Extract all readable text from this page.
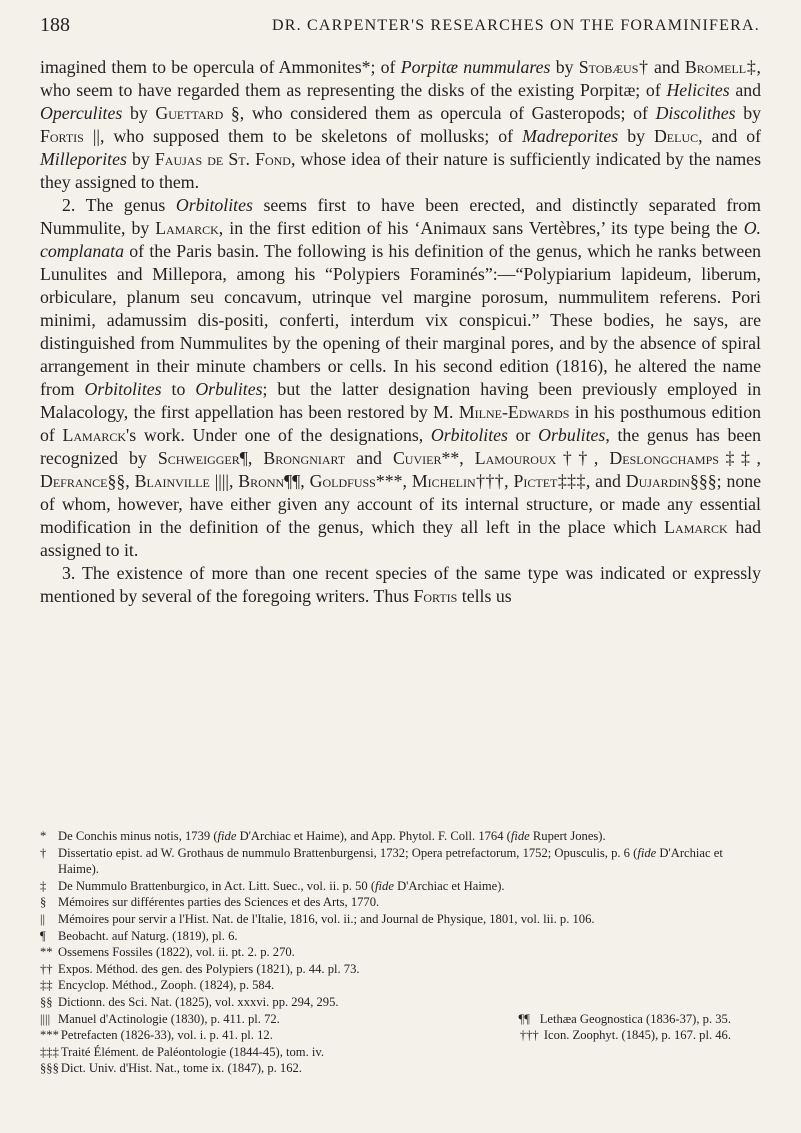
188	DR. CARPENTER'S RESEARCHES ON THE FORAMINIFERA.

imagined them to be opercula of Ammonites*; of Porpitæ nummulares by Stobæus† and Bromell‡, who seem to have regarded them as representing the disks of the existing Porpitæ; of Helicites and Operculites by Guettard §, who considered them as opercula of Gasteropods; of Discolithes by Fortis ||, who supposed them to be skeletons of mollusks; of Madreporites by Deluc, and of Milleporites by Faujas de St. Fond, whose idea of their nature is sufficiently indicated by the names they assigned to them.

2. The genus Orbitolites seems first to have been erected, and distinctly separated from Nummulite, by Lamarck, in the first edition of his ‘Animaux sans Vertèbres,’ its type being the O. complanata of the Paris basin. The following is his definition of the genus, which he ranks between Lunulites and Millepora, among his “Polypiers Foraminés”:—“Polypiarium lapideum, liberum, orbiculare, planum seu concavum, utrinque vel margine porosum, nummulitem referens. Pori minimi, adamussim dis-positi, conferti, interdum vix conspicui.” These bodies, he says, are distinguished from Nummulites by the opening of their marginal pores, and by the absence of spiral arrangement in their minute chambers or cells. In his second edition (1816), he altered the name from Orbitolites to Orbulites; but the latter designation having been previously employed in Malacology, the first appellation has been restored by M. Milne-Edwards in his posthumous edition of Lamarck's work. Under one of the designations, Orbitolites or Orbulites, the genus has been recognized by Schweigger¶, Brongniart and Cuvier**, Lamouroux††, Deslongchamps‡‡, Defrance§§, Blainville ||||, Bronn¶¶, Goldfuss***, Michelin†††, Pictet‡‡‡, and Dujardin§§§; none of whom, however, have either given any account of its internal structure, or made any essential modification in the definition of the genus, which they all left in the place which Lamarck had assigned to it.

3. The existence of more than one recent species of the same type was indicated or expressly mentioned by several of the foregoing writers. Thus Fortis tells us

* De Conchis minus notis, 1739 (fide D'Archiac et Haime), and App. Phytol. F. Coll. 1764 (fide Rupert Jones).

† Dissertatio epist. ad W. Grothaus de nummulo Brattenburgensi, 1732; Opera petrefactorum, 1752; Opusculis, p. 6 (fide D'Archiac et Haime).

‡ De Nummulo Brattenburgico, in Act. Litt. Suec., vol. ii. p. 50 (fide D'Archiac et Haime).

§ Mémoires sur différentes parties des Sciences et des Arts, 1770.

|| Mémoires pour servir a l'Hist. Nat. de l'Italie, 1816, vol. ii.; and Journal de Physique, 1801, vol. lii. p. 106.

¶ Beobacht. auf Naturg. (1819), pl. 6.

** Ossemens Fossiles (1822), vol. ii. pt. 2. p. 270.

†† Expos. Méthod. des gen. des Polypiers (1821), p. 44. pl. 73.

‡‡ Encyclop. Méthod., Zooph. (1824), p. 584.

§§ Dictionn. des Sci. Nat. (1825), vol. xxxvi. pp. 294, 295.

|||| Manuel d'Actinologie (1830), p. 411. pl. 72.	¶¶ Lethæa Geognostica (1836-37), p. 35.

*** Petrefacten (1826-33), vol. i. p. 41. pl. 12.	††† Icon. Zoophyt. (1845), p. 167. pl. 46.

‡‡‡ Traité Élément. de Paléontologie (1844-45), tom. iv.

§§§ Dict. Univ. d'Hist. Nat., tome ix. (1847), p. 162.
